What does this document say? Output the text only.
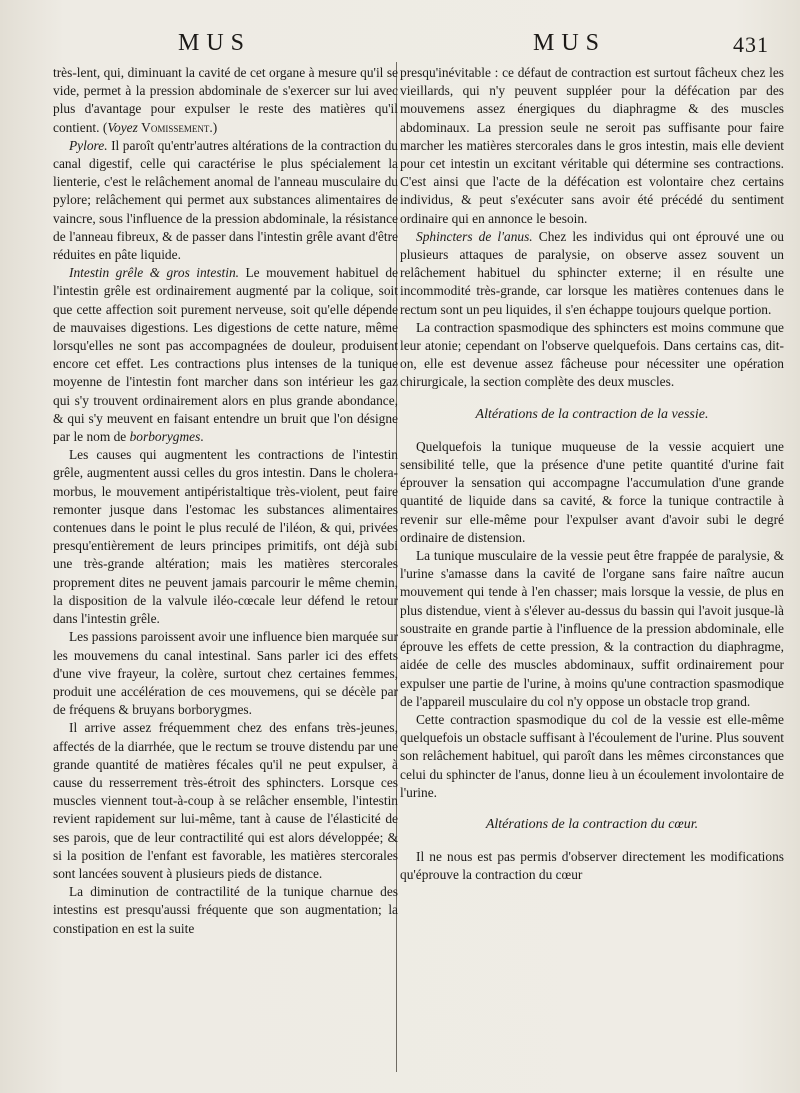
MUS	MUS	431

très-lent, qui, diminuant la cavité de cet organe à mesure qu'il se vide, permet à la pression abdominale de s'exercer sur lui avec plus d'avantage pour expulser le reste des matières qu'il contient. (Voyez Vomissement.)

Pylore. Il paroît qu'entr'autres altérations de la contraction du canal digestif, celle qui caractérise le plus spécialement la lienterie, c'est le relâchement anomal de l'anneau musculaire du pylore; relâchement qui permet aux substances alimentaires de vaincre, sous l'influence de la pression abdominale, la résistance de l'anneau fibreux, & de passer dans l'intestin grêle avant d'être réduites en pâte liquide.

Intestin grêle & gros intestin. Le mouvement habituel de l'intestin grêle est ordinairement augmenté par la colique, soit que cette affection soit purement nerveuse, soit qu'elle dépende de mauvaises digestions. Les digestions de cette nature, même lorsqu'elles ne sont pas accompagnées de douleur, produisent encore cet effet. Les contractions plus intenses de la tunique moyenne de l'intestin font marcher dans son intérieur les gaz qui s'y trouvent ordinairement alors en plus grande abondance, & qui s'y meuvent en faisant entendre un bruit que l'on désigne par le nom de borborygmes.

Les causes qui augmentent les contractions de l'intestin grêle, augmentent aussi celles du gros intestin. Dans le cholera-morbus, le mouvement antipéristaltique très-violent, peut faire remonter jusque dans l'estomac les substances alimentaires contenues dans le point le plus reculé de l'iléon, & qui, privées presqu'entièrement de leurs principes primitifs, ont déjà subi une très-grande altération; mais les matières stercorales proprement dites ne peuvent jamais parcourir le même chemin, la disposition de la valvule iléo-cœcale leur défend le retour dans l'intestin grêle.

Les passions paroissent avoir une influence bien marquée sur les mouvemens du canal intestinal. Sans parler ici des effets d'une vive frayeur, la colère, surtout chez certaines femmes, produit une accélération de ces mouvemens, qui se décèle par de fréquens & bruyans borborygmes.

Il arrive assez fréquemment chez des enfans très-jeunes, affectés de la diarrhée, que le rectum se trouve distendu par une grande quantité de matières fécales qu'il ne peut expulser, à cause du resserrement très-étroit des sphincters. Lorsque ces muscles viennent tout-à-coup à se relâcher ensemble, l'intestin revient rapidement sur lui-même, tant à cause de l'élasticité de ses parois, que de leur contractilité qui est alors développée; & si la position de l'enfant est favorable, les matières stercorales sont lancées souvent à plusieurs pieds de distance.

La diminution de contractilité de la tunique charnue des intestins est presqu'aussi fréquente que son augmentation; la constipation en est la suite

presqu'inévitable : ce défaut de contraction est surtout fâcheux chez les vieillards, qui n'y peuvent suppléer pour la défécation par des mouvemens assez énergiques du diaphragme & des muscles abdominaux. La pression seule ne seroit pas suffisante pour faire marcher les matières stercorales dans le gros intestin, mais elle devient pour cet intestin un excitant véritable qui détermine ses contractions. C'est ainsi que l'acte de la défécation est volontaire chez certains individus, & peut s'exécuter sans avoir été précédé du sentiment ordinaire qui en annonce le besoin.

Sphincters de l'anus. Chez les individus qui ont éprouvé une ou plusieurs attaques de paralysie, on observe assez souvent un relâchement habituel du sphincter externe; il en résulte une incommodité très-grande, car lorsque les matières contenues dans le rectum sont un peu liquides, il s'en échappe toujours quelque portion.

La contraction spasmodique des sphincters est moins commune que leur atonie; cependant on l'observe quelquefois. Dans certains cas, dit-on, elle est devenue assez fâcheuse pour nécessiter une opération chirurgicale, la section complète des deux muscles.

Altérations de la contraction de la vessie.

Quelquefois la tunique muqueuse de la vessie acquiert une sensibilité telle, que la présence d'une petite quantité d'urine fait éprouver la sensation qui accompagne l'accumulation d'une grande quantité de liquide dans sa cavité, & force la tunique contractile à revenir sur elle-même pour l'expulser avant d'avoir subi le degré ordinaire de distension.

La tunique musculaire de la vessie peut être frappée de paralysie, & l'urine s'amasse dans la cavité de l'organe sans faire naître aucun mouvement qui tende à l'en chasser; mais lorsque la vessie, de plus en plus distendue, vient à s'élever au-dessus du bassin qui l'avoit jusque-là soustraite en grande partie à l'influence de la pression abdominale, elle éprouve les effets de cette pression, & la contraction du diaphragme, aidée de celle des muscles abdominaux, suffit ordinairement pour expulser une partie de l'urine, à moins qu'une contraction spasmodique de l'appareil musculaire du col n'y oppose un obstacle trop grand.

Cette contraction spasmodique du col de la vessie est elle-même quelquefois un obstacle suffisant à l'écoulement de l'urine. Plus souvent son relâchement habituel, qui paroît dans les mêmes circonstances que celui du sphincter de l'anus, donne lieu à un écoulement involontaire de l'urine.

Altérations de la contraction du cœur.

Il ne nous est pas permis d'observer directement les modifications qu'éprouve la contraction du cœur
